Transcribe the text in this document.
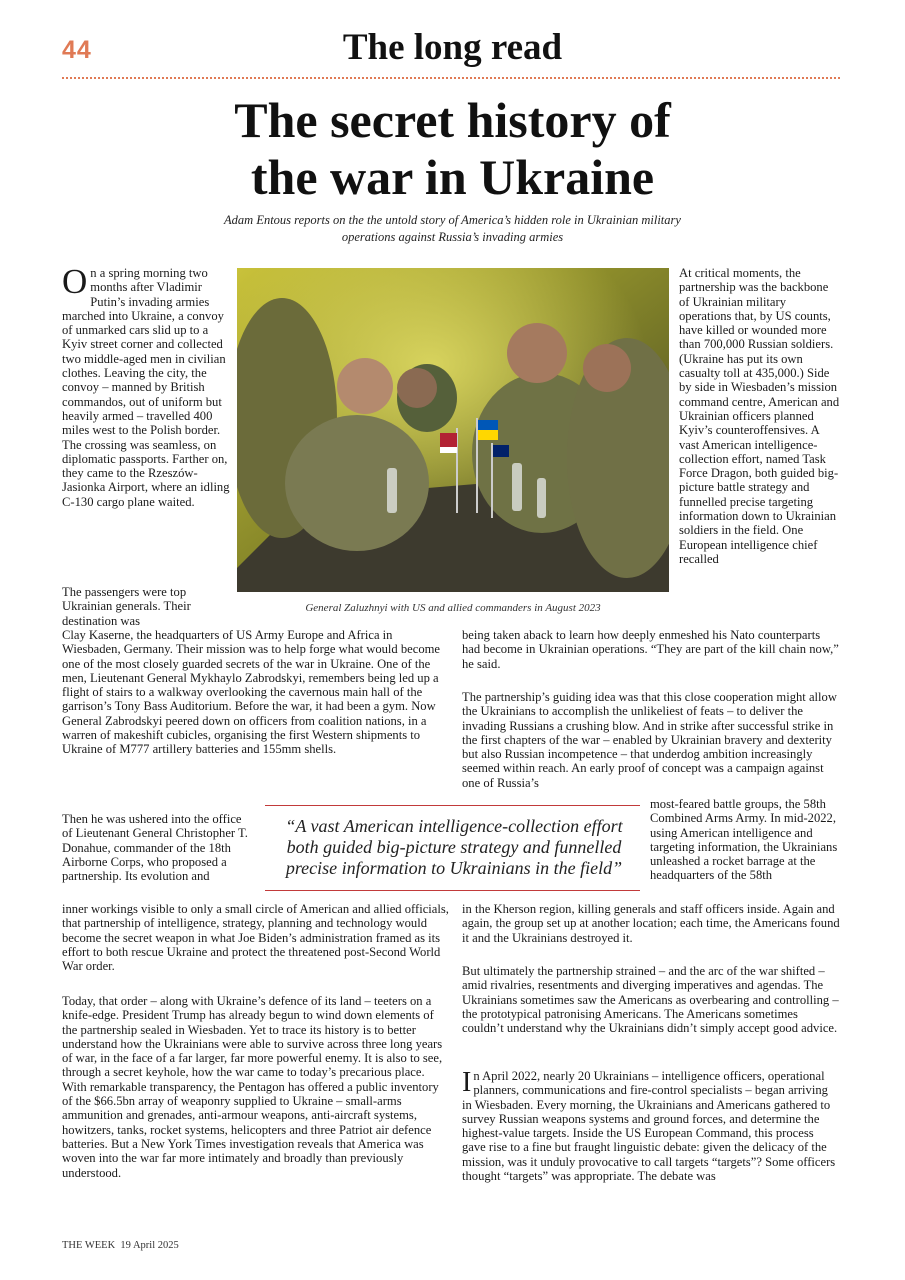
44	The long read
The secret history of
the war in Ukraine
Adam Entous reports on the the untold story of America’s hidden role in Ukrainian military
operations against Russia’s invading armies
General Zaluzhnyi with US and allied commanders in August 2023

On a spring morning two months after Vladimir Putin’s invading armies marched into Ukraine, a convoy of unmarked cars slid up to a Kyiv street corner and collected two middle-aged men in civilian clothes. Leaving the city, the convoy – manned by British commandos, out of uniform but heavily armed – travelled 400 miles west to the Polish border. The crossing was seamless, on diplomatic passports. Farther on, they came to the Rzeszów-Jasionka Airport, where an idling C-130 cargo plane waited.

The passengers were top Ukrainian generals. Their destination was
At critical moments, the partnership was the backbone of Ukrainian military operations that, by US counts, have killed or wounded more than 700,000 Russian soldiers. (Ukraine has put its own casualty toll at 435,000.) Side by side in Wiesbaden’s mission command centre, American and Ukrainian officers planned Kyiv’s counteroffensives. A vast American intelligence-collection effort, named Task Force Dragon, both guided big-picture battle strategy and funnelled precise targeting information down to Ukrainian soldiers in the field. One European intelligence chief recalled
Clay Kaserne, the headquarters of US Army Europe and Africa in Wiesbaden, Germany. Their mission was to help forge what would become one of the most closely guarded secrets of the war in Ukraine. One of the men, Lieutenant General Mykhaylo Zabrodskyi, remembers being led up a flight of stairs to a walkway overlooking the cavernous main hall of the garrison’s Tony Bass Auditorium. Before the war, it had been a gym. Now General Zabrodskyi peered down on officers from coalition nations, in a warren of makeshift cubicles, organising the first Western shipments to Ukraine of M777 artillery batteries and 155mm shells.
being taken aback to learn how deeply enmeshed his Nato counterparts had become in Ukrainian operations. “They are part of the kill chain now,” he said.
The partnership’s guiding idea was that this close cooperation might allow the Ukrainians to accomplish the unlikeliest of feats – to deliver the invading Russians a crushing blow. And in strike after successful strike in the first chapters of the war – enabled by Ukrainian bravery and dexterity but also Russian incompetence – that underdog ambition increasingly seemed within reach. An early proof of concept was a campaign against one of Russia’s
“A vast American intelligence-collection effort
both guided big-picture strategy and funnelled
precise information to Ukrainians in the field”
Then he was ushered into the office of Lieutenant General Christopher T. Donahue, commander of the 18th Airborne Corps, who proposed a partnership. Its evolution and
most-feared battle groups, the 58th Combined Arms Army. In mid-2022, using American intelligence and targeting information, the Ukrainians unleashed a rocket barrage at the headquarters of the 58th
inner workings visible to only a small circle of American and allied officials, that partnership of intelligence, strategy, planning and technology would become the secret weapon in what Joe Biden’s administration framed as its effort to both rescue Ukraine and protect the threatened post-Second World War order.
in the Kherson region, killing generals and staff officers inside. Again and again, the group set up at another location; each time, the Americans found it and the Ukrainians destroyed it.
Today, that order – along with Ukraine’s defence of its land – teeters on a knife-edge. President Trump has already begun to wind down elements of the partnership sealed in Wiesbaden. Yet to trace its history is to better understand how the Ukrainians were able to survive across three long years of war, in the face of a far larger, far more powerful enemy. It is also to see, through a secret keyhole, how the war came to today’s precarious place. With remarkable transparency, the Pentagon has offered a public inventory of the $66.5bn array of weaponry supplied to Ukraine – small-arms ammunition and grenades, anti-armour weapons, anti-aircraft systems, howitzers, tanks, rocket systems, helicopters and three Patriot air defence batteries. But a New York Times investigation reveals that America was woven into the war far more intimately and broadly than previously understood.
But ultimately the partnership strained – and the arc of the war shifted – amid rivalries, resentments and diverging imperatives and agendas. The Ukrainians sometimes saw the Americans as overbearing and controlling – the prototypical patronising Americans. The Americans sometimes couldn’t understand why the Ukrainians didn’t simply accept good advice.

In April 2022, nearly 20 Ukrainians – intelligence officers, operational planners, communications and fire-control specialists – began arriving in Wiesbaden. Every morning, the Ukrainians and Americans gathered to survey Russian weapons systems and ground forces, and determine the highest-value targets. Inside the US European Command, this process gave rise to a fine but fraught linguistic debate: given the delicacy of the mission, was it unduly provocative to call targets “targets”? Some officers thought “targets” was appropriate. The debate was

THE WEEK 19 April 2025
